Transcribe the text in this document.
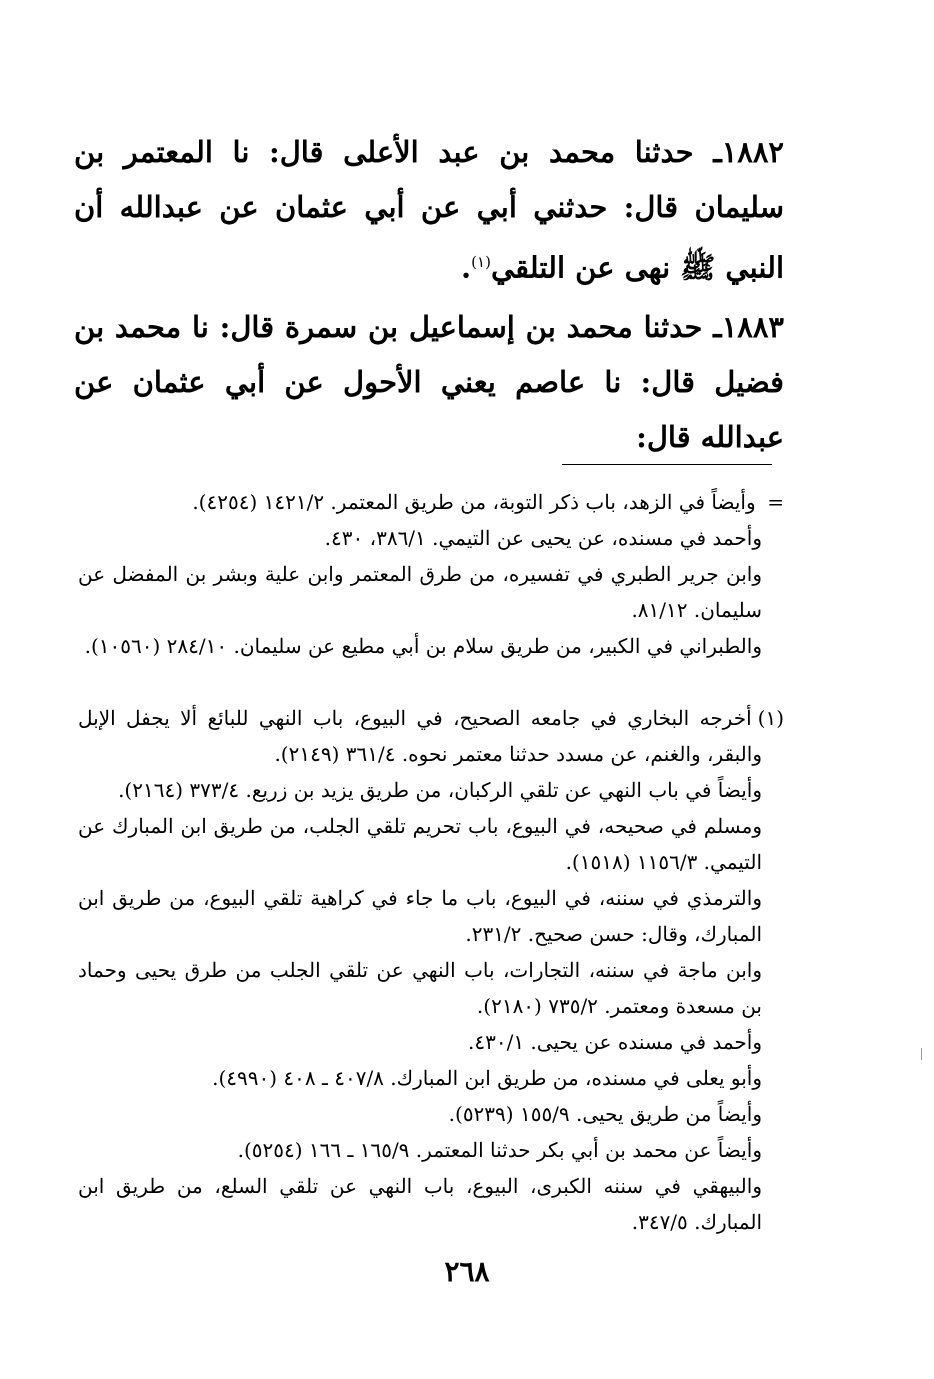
١٨٨٢ـ حدثنا محمد بن عبد الأعلى قال: نا المعتمر بن سليمان قال: حدثني أبي عن أبي عثمان عن عبدالله أن النبي ﷺ نهى عن التلقي$^{(١)}$.
١٨٨٣ـ حدثنا محمد بن إسماعيل بن سمرة قال: نا محمد بن فضيل قال: نا عاصم يعني الأحول عن أبي عثمان عن عبدالله قال:

= وأيضاً في الزهد، باب ذكر التوبة، من طريق المعتمر. ١٤٢١/٢ (٤٢٥٤).

وأحمد في مسنده، عن يحيى عن التيمي. ٣٨٦/١، ٤٣٠.

وابن جرير الطبري في تفسيره، من طرق المعتمر وابن علية وبشر بن المفضل عن سليمان. ٨١/١٢.

والطبراني في الكبير، من طريق سلام بن أبي مطيع عن سليمان. ٢٨٤/١٠ (١٠٥٦٠).

(١) أخرجه البخاري في جامعه الصحيح، في البيوع، باب النهي للبائع ألا يجفل الإبل والبقر، والغنم، عن مسدد حدثنا معتمر نحوه. ٣٦١/٤ (٢١٤٩).

وأيضاً في باب النهي عن تلقي الركبان، من طريق يزيد بن زريع. ٣٧٣/٤ (٢١٦٤).

ومسلم في صحيحه، في البيوع، باب تحريم تلقي الجلب، من طريق ابن المبارك عن التيمي. ١١٥٦/٣ (١٥١٨).

والترمذي في سننه، في البيوع، باب ما جاء في كراهية تلقي البيوع، من طريق ابن المبارك، وقال: حسن صحيح. ٢٣١/٢.

وابن ماجة في سننه، التجارات، باب النهي عن تلقي الجلب من طرق يحيى وحماد بن مسعدة ومعتمر. ٧٣٥/٢ (٢١٨٠).

وأحمد في مسنده عن يحيى. ٤٣٠/١.

وأبو يعلى في مسنده، من طريق ابن المبارك. ٤٠٧/٨ ـ ٤٠٨ (٤٩٩٠).

وأيضاً من طريق يحيى. ١٥٥/٩ (٥٢٣٩).

وأيضاً عن محمد بن أبي بكر حدثنا المعتمر. ١٦٥/٩ ـ ١٦٦ (٥٢٥٤).

والبيهقي في سننه الكبرى، البيوع، باب النهي عن تلقي السلع، من طريق ابن المبارك. ٣٤٧/٥.

٢٦٨
